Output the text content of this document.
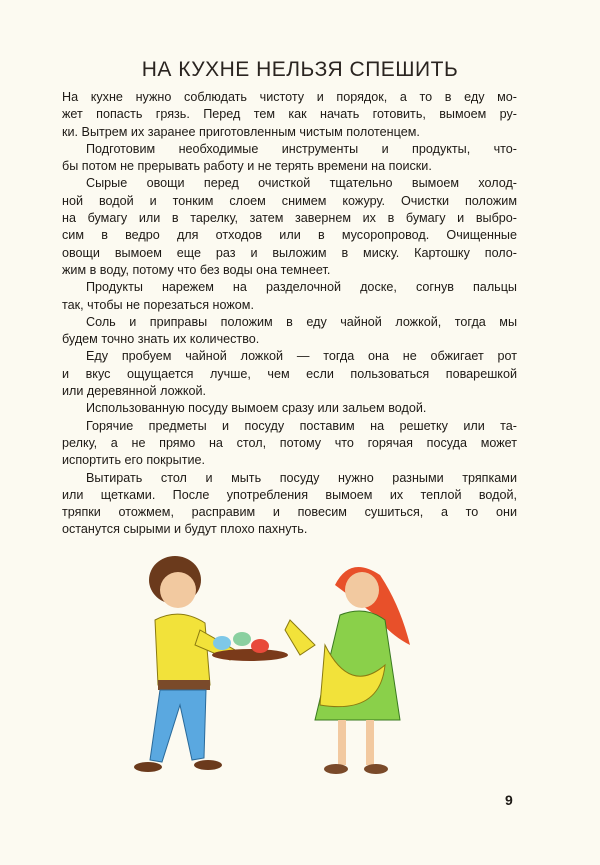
НА КУХНЕ НЕЛЬЗЯ СПЕШИТЬ
На кухне нужно соблюдать чистоту и порядок, а то в еду мо-
жет попасть грязь. Перед тем как начать готовить, вымоем ру-
ки. Вытрем их заранее приготовленным чистым полотенцем.
Подготовим необходимые инструменты и продукты, что-
бы потом не прерывать работу и не терять времени на поиски.
Сырые овощи перед очисткой тщательно вымоем холод-
ной водой и тонким слоем снимем кожуру. Очистки положим
на бумагу или в тарелку, затем завернем их в бумагу и выбро-
сим в ведро для отходов или в мусоропровод. Очищенные
овощи вымоем еще раз и выложим в миску. Картошку поло-
жим в воду, потому что без воды она темнеет.
Продукты нарежем на разделочной доске, согнув пальцы
так, чтобы не порезаться ножом.
Соль и приправы положим в еду чайной ложкой, тогда мы
будем точно знать их количество.
Еду пробуем чайной ложкой — тогда она не обжигает рот
и вкус ощущается лучше, чем если пользоваться поварешкой
или деревянной ложкой.
Использованную посуду вымоем сразу или зальем водой.
Горячие предметы и посуду поставим на решетку или та-
релку, а не прямо на стол, потому что горячая посуда может
испортить его покрытие.
Вытирать стол и мыть посуду нужно разными тряпками
или щетками. После употребления вымоем их теплой водой,
тряпки отожмем, расправим и повесим сушиться, а то они
останутся сырыми и будут плохо пахнуть.
9
